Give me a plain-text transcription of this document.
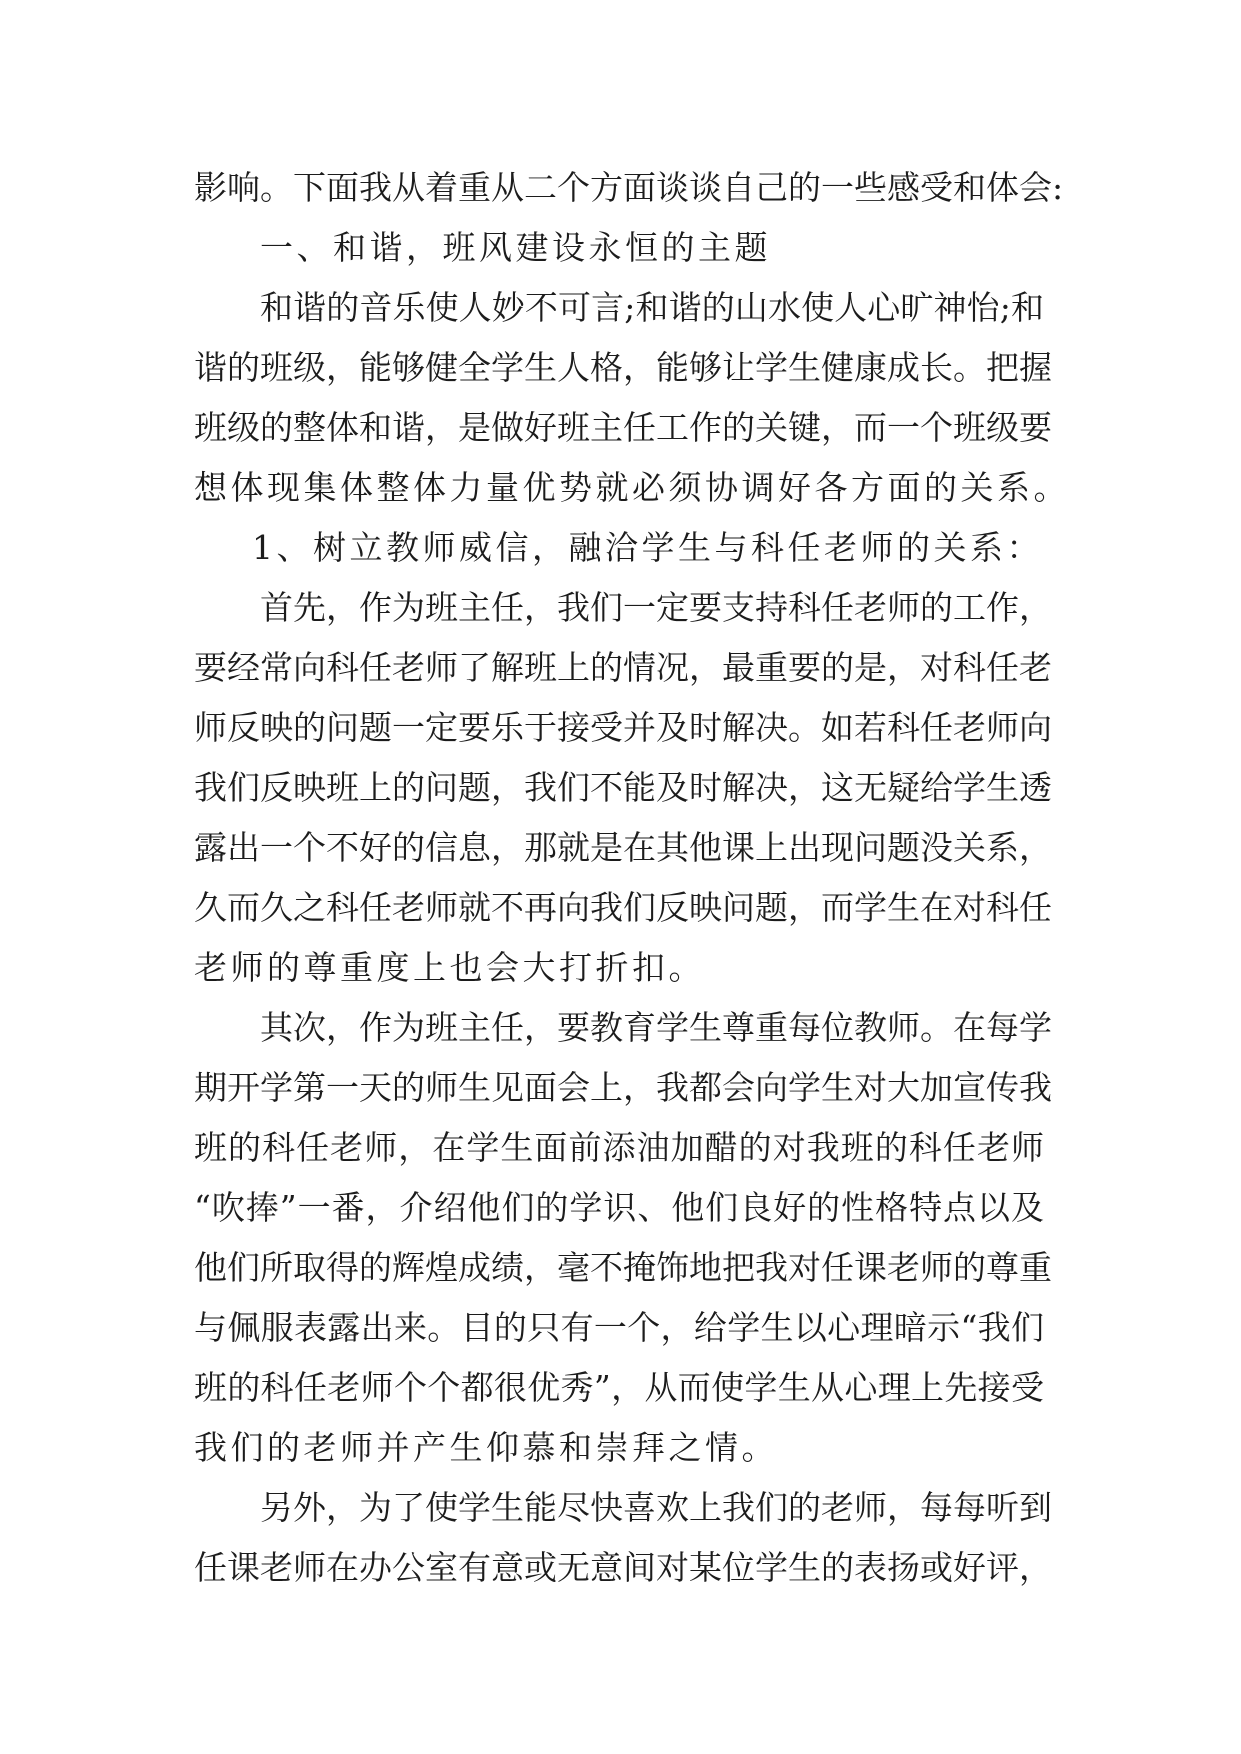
影响。下面我从着重从二个方面谈谈自己的一些感受和体会:
一、和谐，班风建设永恒的主题
和谐的音乐使人妙不可言;和谐的山水使人心旷神怡;和
谐的班级，能够健全学生人格，能够让学生健康成长。把握
班级的整体和谐，是做好班主任工作的关键，而一个班级要
想体现集体整体力量优势就必须协调好各方面的关系。
1、树立教师威信，融洽学生与科任老师的关系：
首先，作为班主任，我们一定要支持科任老师的工作，
要经常向科任老师了解班上的情况，最重要的是，对科任老
师反映的问题一定要乐于接受并及时解决。如若科任老师向
我们反映班上的问题，我们不能及时解决，这无疑给学生透
露出一个不好的信息，那就是在其他课上出现问题没关系，
久而久之科任老师就不再向我们反映问题，而学生在对科任
老师的尊重度上也会大打折扣。
其次，作为班主任，要教育学生尊重每位教师。在每学
期开学第一天的师生见面会上，我都会向学生对大加宣传我
班的科任老师，在学生面前添油加醋的对我班的科任老师
“吹捧”一番，介绍他们的学识、他们良好的性格特点以及
他们所取得的辉煌成绩，毫不掩饰地把我对任课老师的尊重
与佩服表露出来。目的只有一个，给学生以心理暗示“我们
班的科任老师个个都很优秀”，从而使学生从心理上先接受
我们的老师并产生仰慕和崇拜之情。
另外，为了使学生能尽快喜欢上我们的老师，每每听到
任课老师在办公室有意或无意间对某位学生的表扬或好评，
